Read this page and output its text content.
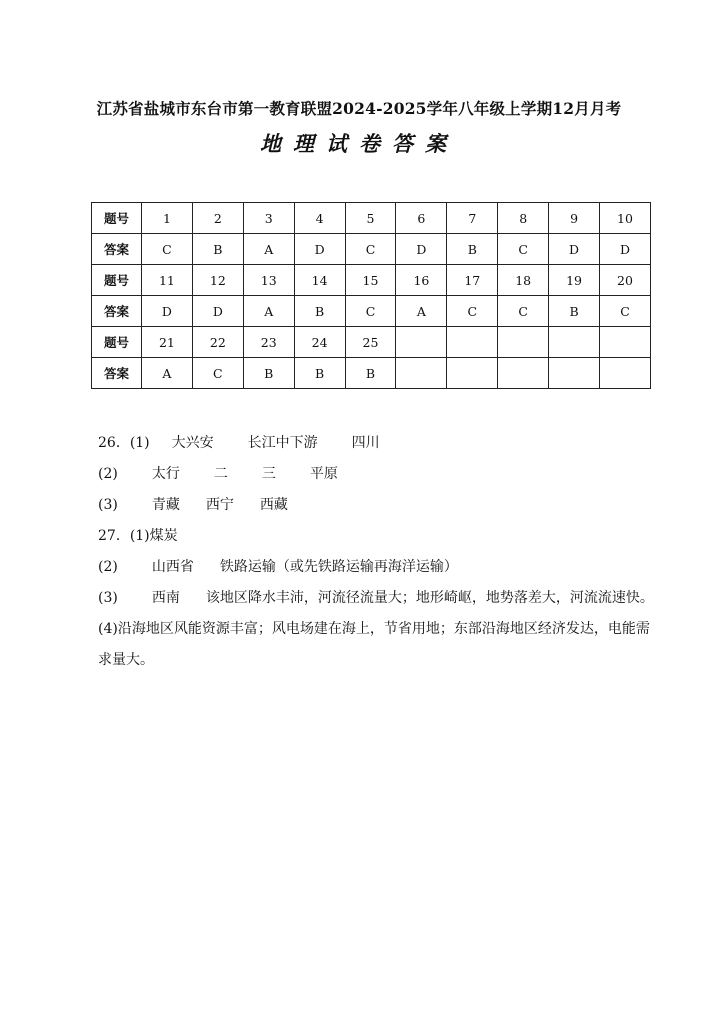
江苏省盐城市东台市第一教育联盟2024-2025学年八年级上学期12月月考
地理试卷答案
题号	1	2	3	4	5	6	7	8	9	10
答案	C	B	A	D	C	D	B	C	D	D
题号	11	12	13	14	15	16	17	18	19	20
答案	D	D	A	B	C	A	C	C	B	C
题号	21	22	23	24	25					
答案	A	C	B	B	B					
26．(1) 大兴安 长江中下游 四川
(2) 太行 二 三 平原
(3) 青藏 西宁 西藏
27．(1)煤炭
(2) 山西省 铁路运输（或先铁路运输再海洋运输）
(3) 西南 该地区降水丰沛，河流径流量大；地形崎岖，地势落差大，河流流速快。
(4)沿海地区风能资源丰富；风电场建在海上，节省用地；东部沿海地区经济发达，电能需求量大。
